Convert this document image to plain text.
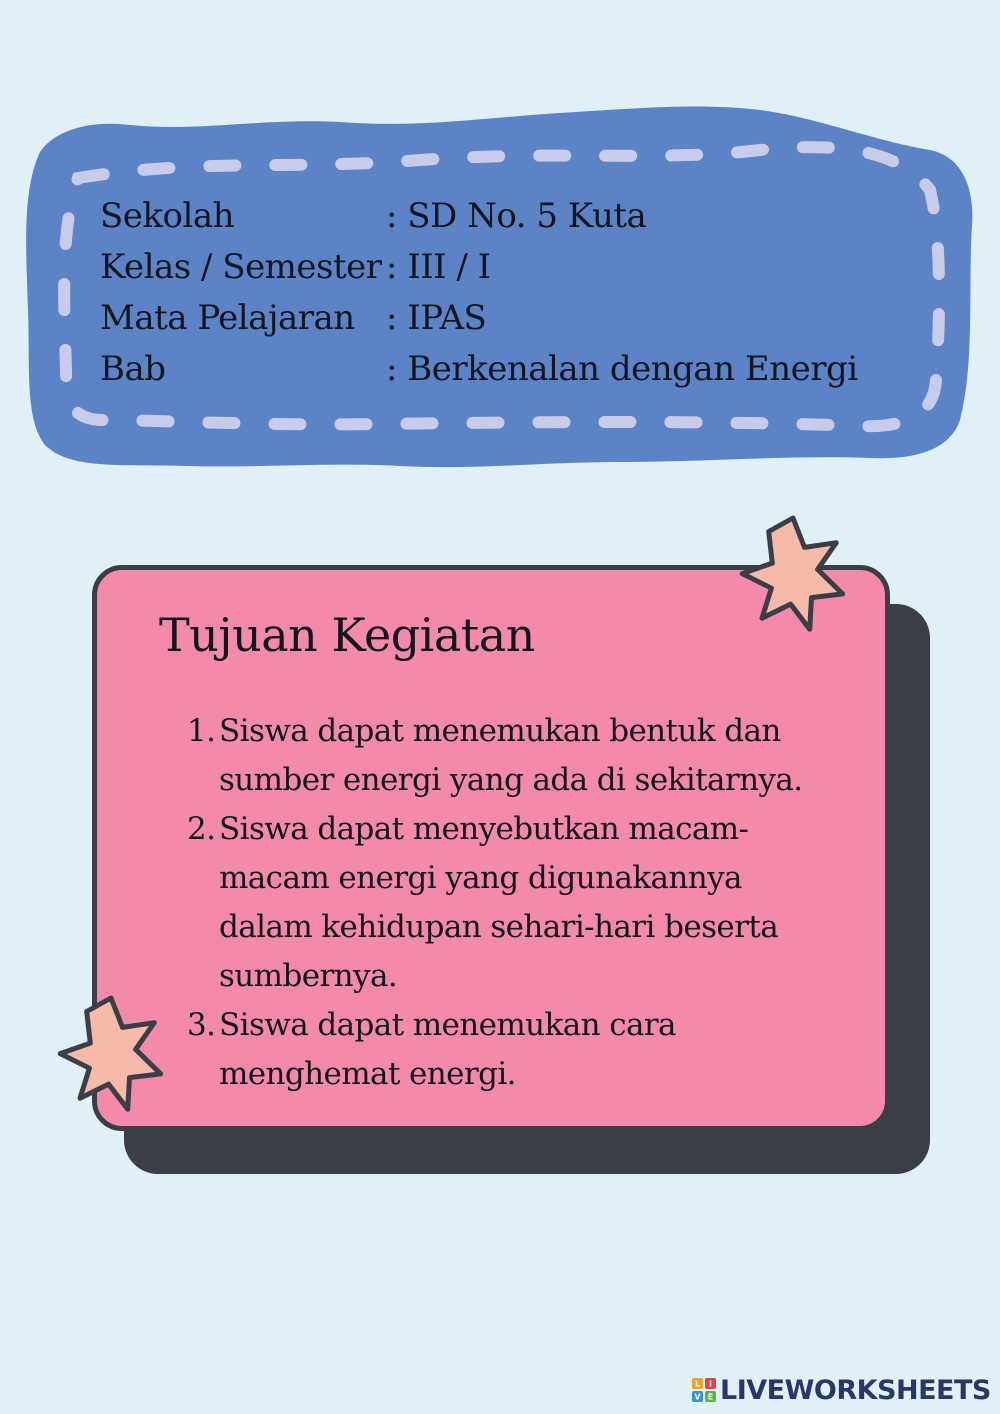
Sekolah	: SD No. 5 Kuta
Kelas / Semester	: III / I
Mata Pelajaran	: IPAS
Bab	: Berkenalan dengan Energi
Tujuan Kegiatan
1. Siswa dapat menemukan bentuk dan sumber energi yang ada di sekitarnya.
2. Siswa dapat menyebutkan macam-macam energi yang digunakannya dalam kehidupan sehari-hari beserta sumbernya.
3. Siswa dapat menemukan cara menghemat energi.
L I
V E LIVEWORKSHEETS
